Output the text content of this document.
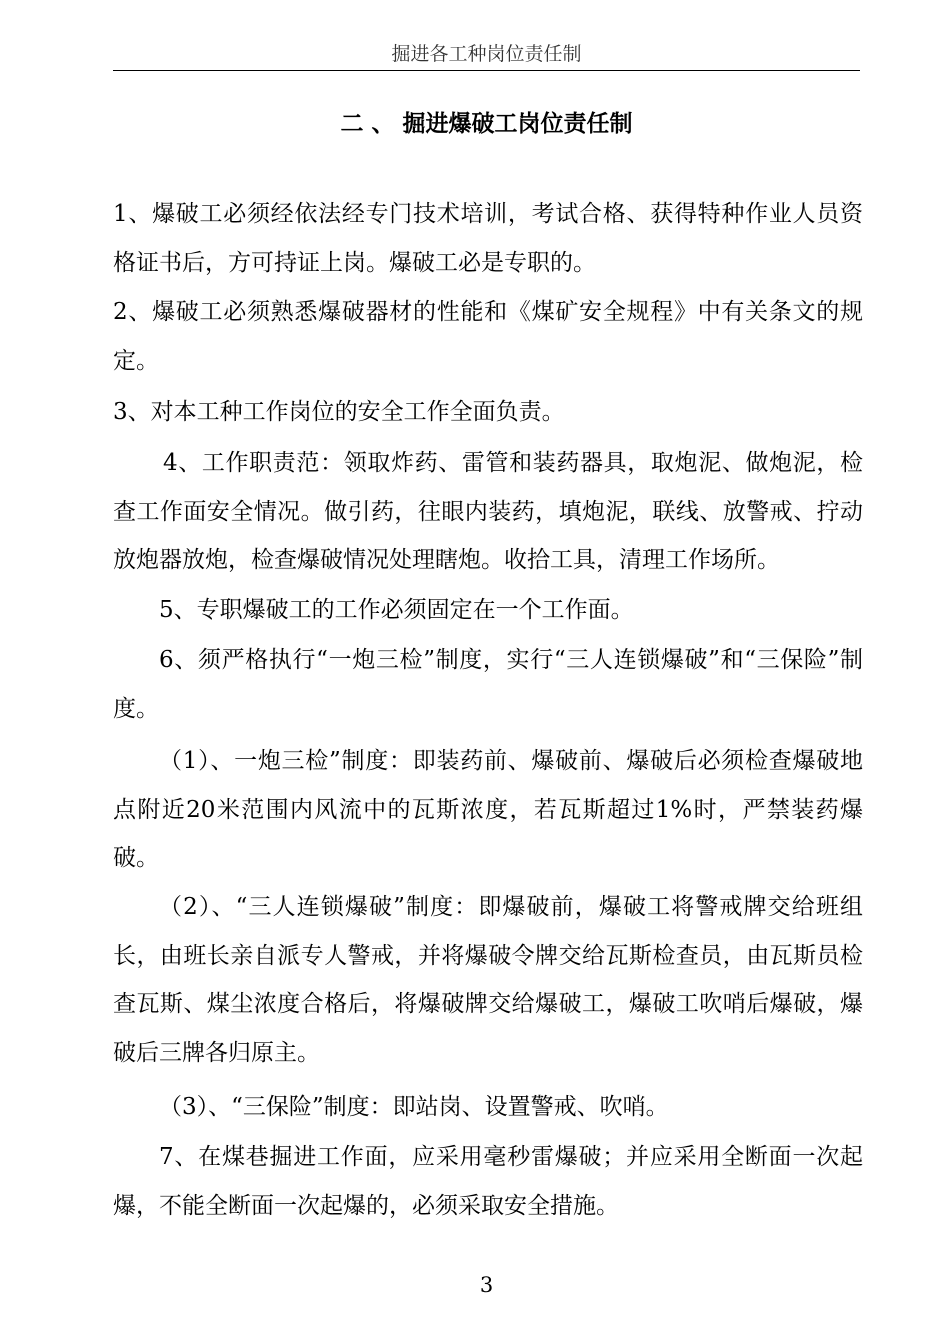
掘进各工种岗位责任制
二 、 掘进爆破工岗位责任制
1、爆破工必须经依法经专门技术培训，考试合格、获得特种作业人员资格证书后，方可持证上岗。爆破工必是专职的。
2、爆破工必须熟悉爆破器材的性能和《煤矿安全规程》中有关条文的规定。
3、对本工种工作岗位的安全工作全面负责。
4、工作职责范：领取炸药、雷管和装药器具，取炮泥、做炮泥，检查工作面安全情况。做引药，往眼内装药，填炮泥，联线、放警戒、拧动放炮器放炮，检查爆破情况处理瞎炮。收拾工具，清理工作场所。
5、专职爆破工的工作必须固定在一个工作面。
6、须严格执行“一炮三检”制度，实行“三人连锁爆破”和“三保险”制度。
（1）、一炮三检”制度：即装药前、爆破前、爆破后必须检查爆破地点附近20米范围内风流中的瓦斯浓度，若瓦斯超过1%时，严禁装药爆破。
（2）、“三人连锁爆破”制度：即爆破前，爆破工将警戒牌交给班组长，由班长亲自派专人警戒，并将爆破令牌交给瓦斯检查员，由瓦斯员检查瓦斯、煤尘浓度合格后，将爆破牌交给爆破工，爆破工吹哨后爆破，爆破后三牌各归原主。
（3）、“三保险”制度：即站岗、设置警戒、吹哨。
7、在煤巷掘进工作面，应采用毫秒雷爆破；并应采用全断面一次起爆，不能全断面一次起爆的，必须采取安全措施。
3
